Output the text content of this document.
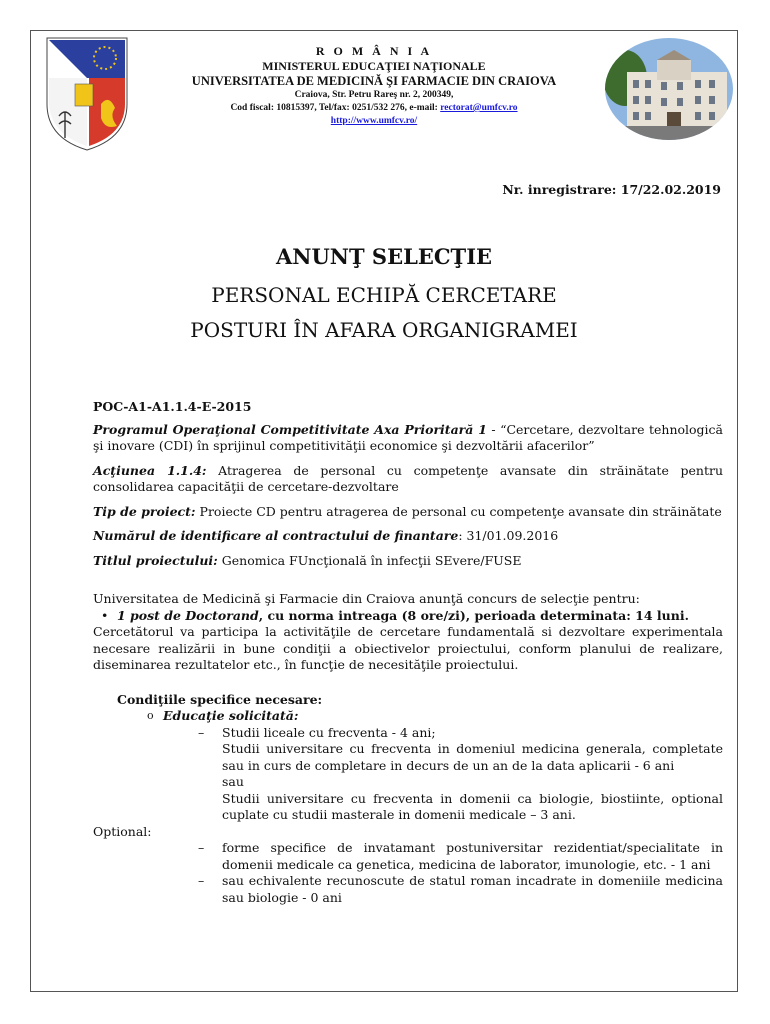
R O M Â N I A
MINISTERUL EDUCAŢIEI NAŢIONALE
UNIVERSITATEA DE MEDICINĂ ŞI FARMACIE DIN CRAIOVA
Craiova, Str. Petru Rareş nr. 2, 200349,
Cod fiscal: 10815397, Tel/fax: 0251/532 276, e-mail: rectorat@umfcv.ro
http://www.umfcv.ro/
Nr. inregistrare: 17/22.02.2019
ANUNŢ SELECŢIE
PERSONAL ECHIPĂ CERCETARE
POSTURI ÎN AFARA ORGANIGRAMEI

POC-A1-A1.1.4-E-2015

Programul Operaţional Competitivitate Axa Prioritară 1 - “Cercetare, dezvoltare tehnologică şi inovare (CDI) în sprijinul competitivităţii economice şi dezvoltării afacerilor”

Acţiunea 1.1.4: Atragerea de personal cu competenţe avansate din străinătate pentru consolidarea capacităţii de cercetare-dezvoltare

Tip de proiect: Proiecte CD pentru atragerea de personal cu competenţe avansate din străinătate

Numărul de identificare al contractului de finantare: 31/01.09.2016

Titlul proiectului: Genomica FUncţională în infecţii SEvere/FUSE

Universitatea de Medicină şi Farmacie din Craiova anunţă concurs de selecţie pentru:

• 1 post de Doctorand, cu norma intreaga (8 ore/zi), perioada determinata: 14 luni.

Cercetătorul va participa la activităţile de cercetare fundamentală si dezvoltare experimentala necesare realizării in bune condiţii a obiectivelor proiectului, conform planului de realizare, diseminarea rezultatelor etc., în funcţie de necesităţile proiectului.

Condiţiile specifice necesare:

o Educaţie solicitată:

– Studii liceale cu frecventa - 4 ani;
Studii universitare cu frecventa in domeniul medicina generala, completate sau in curs de completare in decurs de un an de la data aplicarii - 6 ani
sau
Studii universitare cu frecventa in domenii ca biologie, biostiinte, optional cuplate cu studii masterale in domenii medicale – 3 ani.

Optional:

– forme specifice de invatamant postuniversitar rezidentiat/specialitate in domenii medicale ca genetica, medicina de laborator, imunologie, etc. - 1 ani
– sau echivalente recunoscute de statul roman incadrate in domeniile medicina sau biologie - 0 ani
